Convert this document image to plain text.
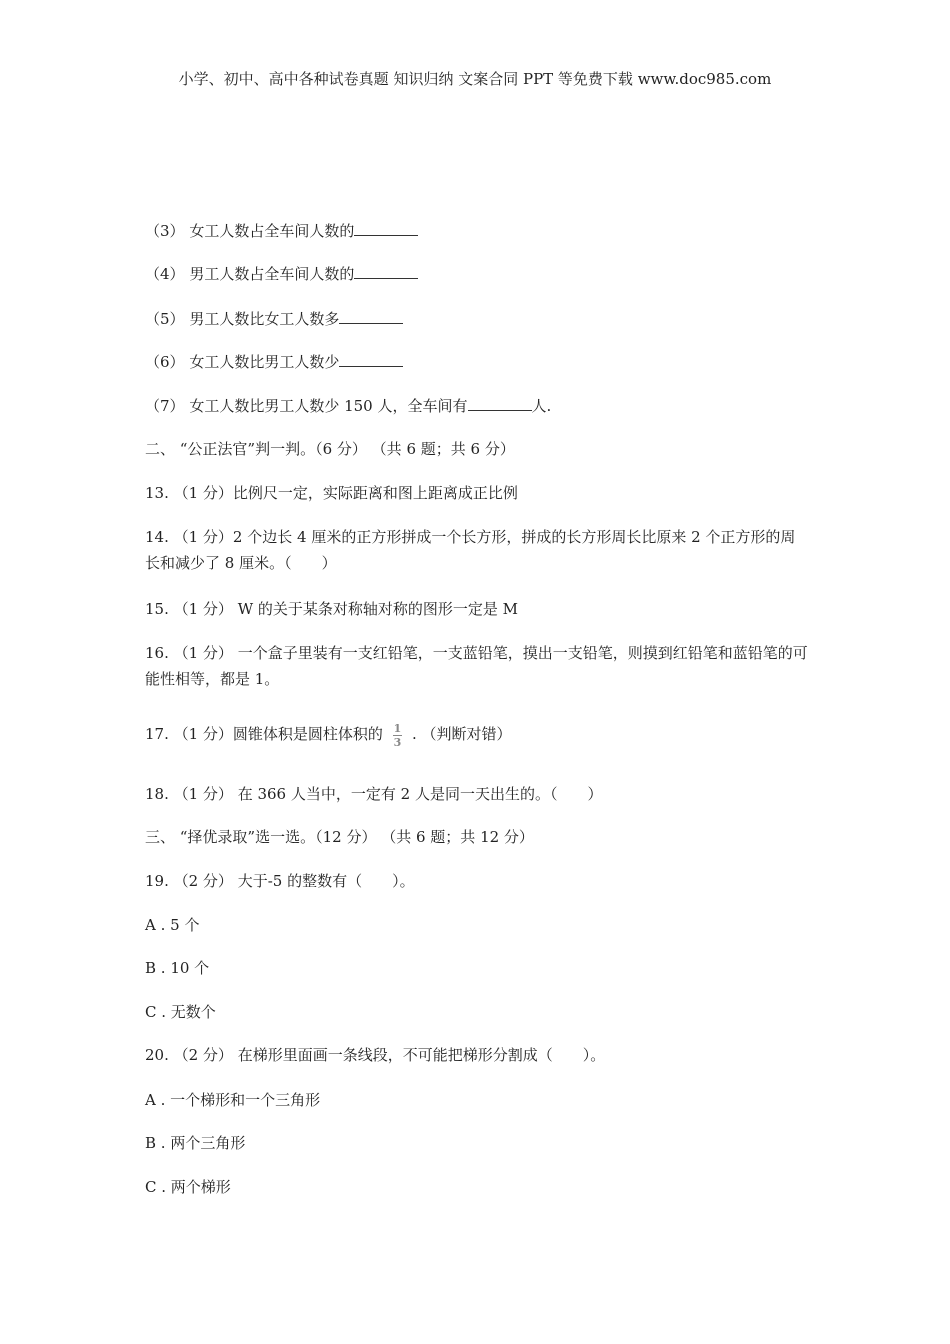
小学、初中、高中各种试卷真题 知识归纳 文案合同 PPT 等免费下载 www.doc985.com
（3） 女工人数占全车间人数的
（4） 男工人数占全车间人数的
（5） 男工人数比女工人数多
（6） 女工人数比男工人数少
（7） 女工人数比男工人数少 150 人，全车间有	人.
二、 “公正法官”判一判。（6 分） （共 6 题；共 6 分）
13. （1 分）比例尺一定，实际距离和图上距离成正比例
14. （1 分）2 个边长 4 厘米的正方形拼成一个长方形，拼成的长方形周长比原来 2 个正方形的周长和减少了 8 厘米。（　　）
15. （1 分） W 的关于某条对称轴对称的图形一定是 M
16. （1 分） 一个盒子里装有一支红铅笔，一支蓝铅笔，摸出一支铅笔，则摸到红铅笔和蓝铅笔的可能性相等，都是 1。
17. （1 分）圆锥体积是圆柱体积的 $\frac{1}{3}$ . （判断对错）
18. （1 分） 在 366 人当中，一定有 2 人是同一天出生的。（　　）
三、 “择优录取”选一选。（12 分） （共 6 题；共 12 分）
19. （2 分） 大于-5 的整数有（　　）。
A . 5 个
B . 10 个
C . 无数个
20. （2 分） 在梯形里面画一条线段，不可能把梯形分割成（　　）。
A . 一个梯形和一个三角形
B . 两个三角形
C . 两个梯形
